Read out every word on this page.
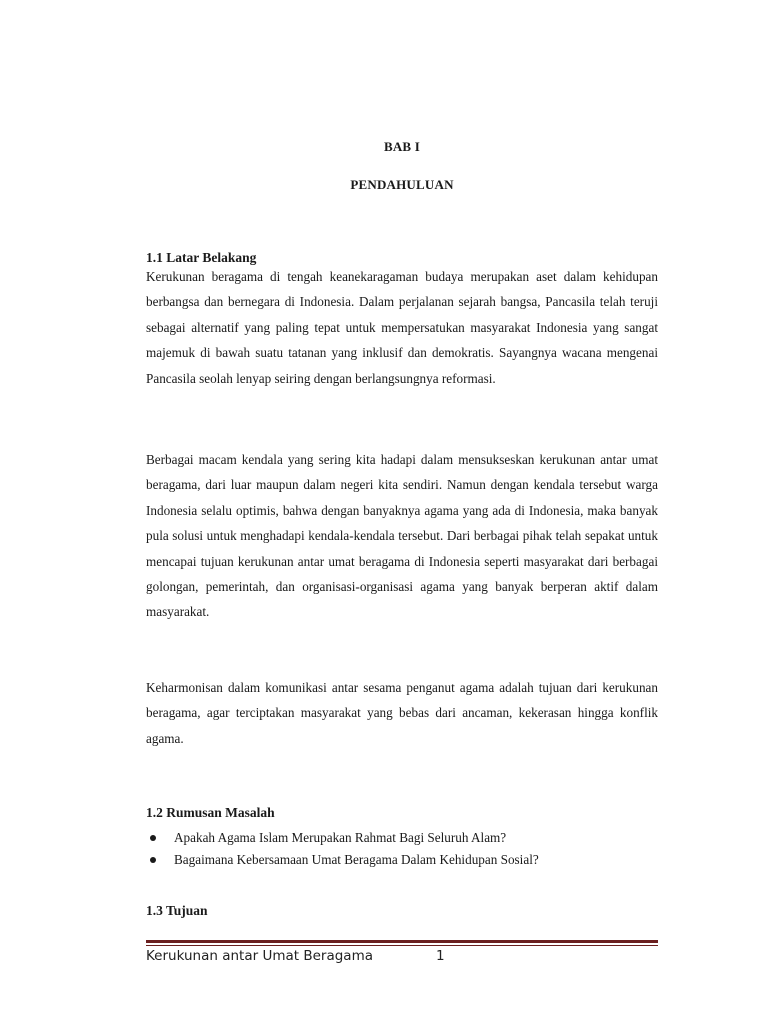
BAB I
PENDAHULUAN
1.1 Latar Belakang

Kerukunan beragama di tengah keanekaragaman budaya merupakan aset dalam kehidupan berbangsa dan bernegara di Indonesia. Dalam perjalanan sejarah bangsa, Pancasila telah teruji sebagai alternatif yang paling tepat untuk mempersatukan masyarakat Indonesia yang sangat majemuk di bawah suatu tatanan yang inklusif dan demokratis. Sayangnya wacana mengenai Pancasila seolah lenyap seiring dengan berlangsungnya reformasi.

Berbagai macam kendala yang sering kita hadapi dalam mensukseskan kerukunan antar umat beragama, dari luar maupun dalam negeri kita sendiri. Namun dengan kendala tersebut warga Indonesia selalu optimis, bahwa dengan banyaknya agama yang ada di Indonesia, maka banyak pula solusi untuk menghadapi kendala-kendala tersebut. Dari berbagai pihak telah sepakat untuk mencapai tujuan kerukunan antar umat beragama di Indonesia seperti masyarakat dari berbagai golongan, pemerintah, dan organisasi-organisasi agama yang banyak berperan aktif dalam masyarakat.

Keharmonisan dalam komunikasi antar sesama penganut agama adalah tujuan dari kerukunan beragama, agar terciptakan masyarakat yang bebas dari ancaman, kekerasan hingga konflik agama.

1.2 Rumusan Masalah
Apakah Agama Islam Merupakan Rahmat Bagi Seluruh Alam?
Bagaimana Kebersamaan Umat Beragama Dalam Kehidupan Sosial?
1.3 Tujuan
Kerukunan antar Umat Beragama	1
